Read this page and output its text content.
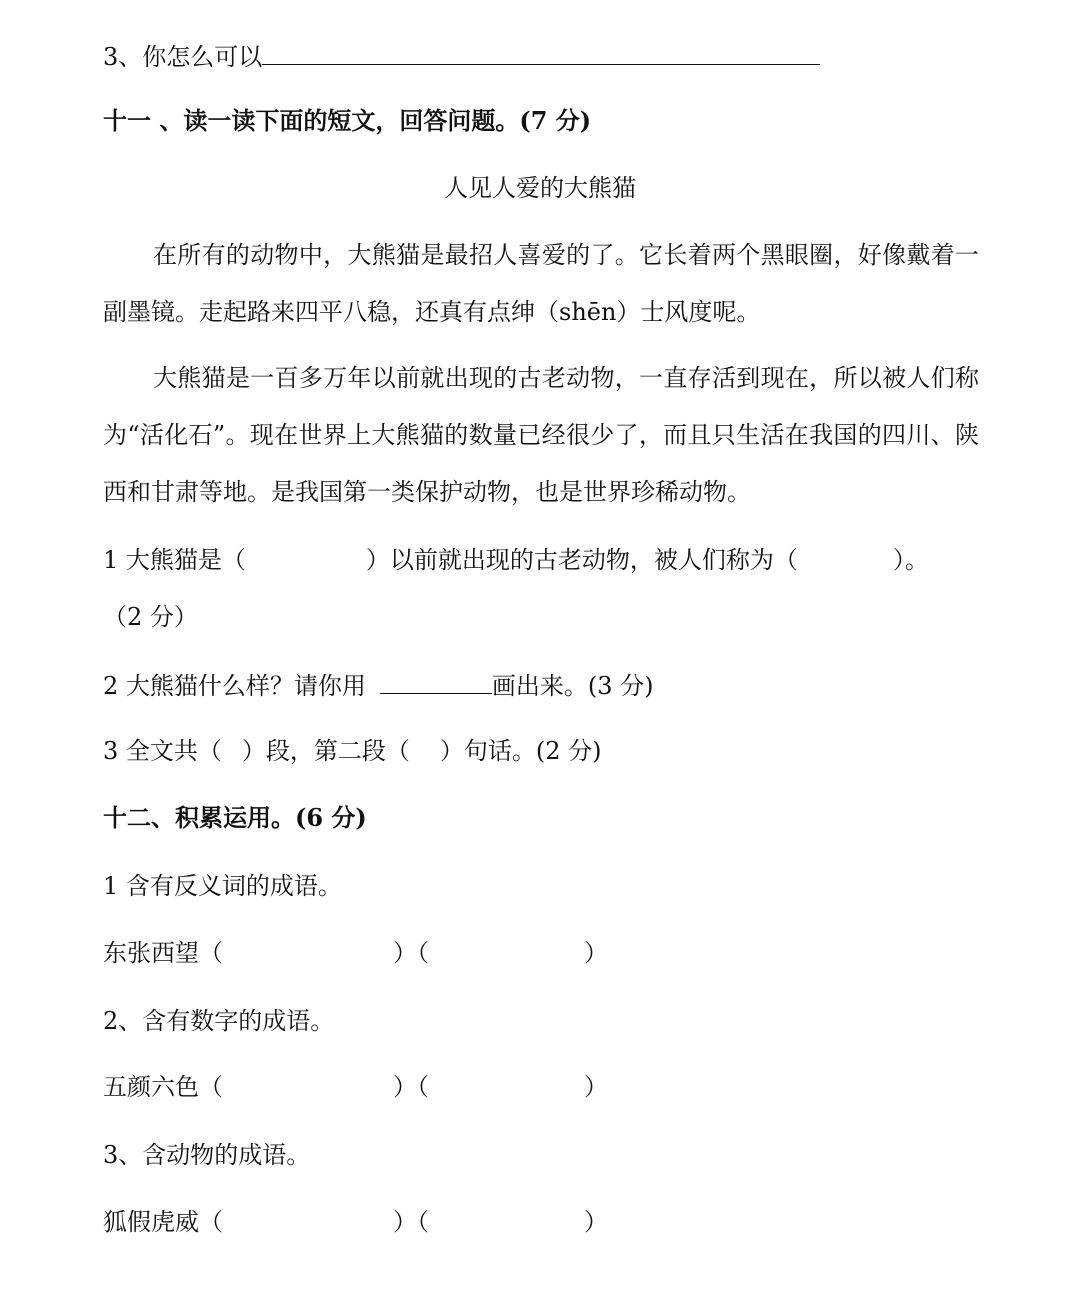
3、你怎么可以
十一 、读一读下面的短文，回答问题。(7 分)
人见人爱的大熊猫
在所有的动物中，大熊猫是最招人喜爱的了。它长着两个黑眼圈，好像戴着一副墨镜。走起路来四平八稳，还真有点绅（shēn）士风度呢。
大熊猫是一百多万年以前就出现的古老动物，一直存活到现在，所以被人们称为“活化石”。现在世界上大熊猫的数量已经很少了，而且只生活在我国的四川、陕西和甘肃等地。是我国第一类保护动物，也是世界珍稀动物。
1 大熊猫是（	）以前就出现的古老动物，被人们称为（	）。
（2 分）
2 大熊猫什么样？请你用	画出来。(3 分)
3 全文共（ ）段，第二段（ ）句话。(2 分)
十二、积累运用。(6 分)
1 含有反义词的成语。
东张西望（	）（	）
2、含有数字的成语。
五颜六色（	）（	）
3、含动物的成语。
狐假虎威（	）（	）
